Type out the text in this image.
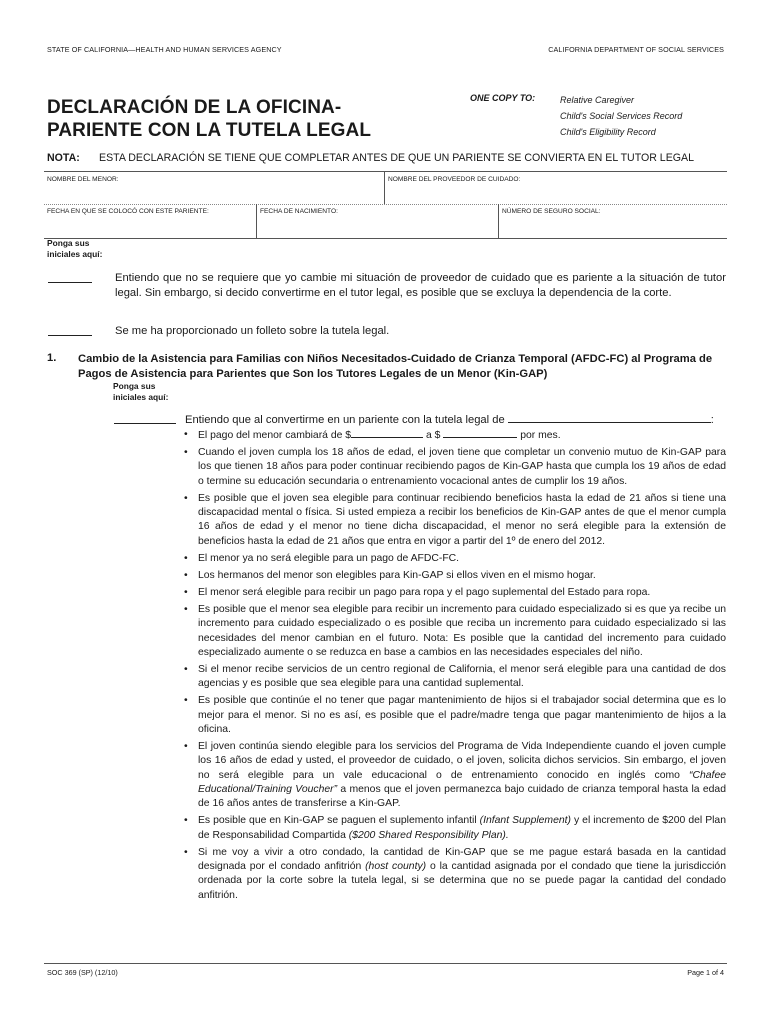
STATE OF CALIFORNIA—HEALTH AND HUMAN SERVICES AGENCY	CALIFORNIA DEPARTMENT OF SOCIAL SERVICES
DECLARACIÓN DE LA OFICINA-
PARIENTE CON LA TUTELA LEGAL
ONE COPY TO:	Relative Caregiver
Child's Social Services Record
Child's Eligibility Record
NOTA: ESTA DECLARACIÓN SE TIENE QUE COMPLETAR ANTES DE QUE UN PARIENTE SE CONVIERTA EN EL TUTOR LEGAL
NOMBRE DEL MENOR:	NOMBRE DEL PROVEEDOR DE CUIDADO:
FECHA EN QUE SE COLOCÓ CON ESTE PARIENTE:	FECHA DE NACIMIENTO:	NÚMERO DE SEGURO SOCIAL:
Ponga sus
iniciales aquí:
Entiendo que no se requiere que yo cambie mi situación de proveedor de cuidado que es pariente a la situación de tutor legal. Sin embargo, si decido convertirme en el tutor legal, es posible que se excluya la dependencia de la corte.
Se me ha proporcionado un folleto sobre la tutela legal.
1. Cambio de la Asistencia para Familias con Niños Necesitados-Cuidado de Crianza Temporal (AFDC-FC) al Programa de Pagos de Asistencia para Parientes que Son los Tutores Legales de un Menor (Kin-GAP)
Ponga sus
iniciales aquí:
Entiendo que al convertirme en un pariente con la tutela legal de	:
• El pago del menor cambiará de $	a $	por mes.
• Cuando el joven cumpla los 18 años de edad, el joven tiene que completar un convenio mutuo de Kin-GAP para los que tienen 18 años para poder continuar recibiendo pagos de Kin-GAP hasta que cumpla los 19 años de edad o termine su educación secundaria o entrenamiento vocacional antes de cumplir los 19 años.
• Es posible que el joven sea elegible para continuar recibiendo beneficios hasta la edad de 21 años si tiene una discapacidad mental o física. Si usted empieza a recibir los beneficios de Kin-GAP antes de que el menor cumpla 16 años de edad y el menor no tiene dicha discapacidad, el menor no será elegible para la extensión de beneficios hasta la edad de 21 años que entra en vigor a partir del 1º de enero del 2012.
• El menor ya no será elegible para un pago de AFDC-FC.
• Los hermanos del menor son elegibles para Kin-GAP si ellos viven en el mismo hogar.
• El menor será elegible para recibir un pago para ropa y el pago suplemental del Estado para ropa.
• Es posible que el menor sea elegible para recibir un incremento para cuidado especializado si es que ya recibe un incremento para cuidado especializado o es posible que reciba un incremento para cuidado especializado si las necesidades del menor cambian en el futuro. Nota: Es posible que la cantidad del incremento para cuidado especializado aumente o se reduzca en base a cambios en las necesidades especiales del niño.
• Si el menor recibe servicios de un centro regional de California, el menor será elegible para una cantidad de dos agencias y es posible que sea elegible para una cantidad suplemental.
• Es posible que continúe el no tener que pagar mantenimiento de hijos si el trabajador social determina que es lo mejor para el menor. Si no es así, es posible que el padre/madre tenga que pagar mantenimiento de hijos a la oficina.
• El joven continúa siendo elegible para los servicios del Programa de Vida Independiente cuando el joven cumple los 16 años de edad y usted, el proveedor de cuidado, o el joven, solicita dichos servicios. Sin embargo, el joven no será elegible para un vale educacional o de entrenamiento conocido en inglés como “Chafee Educational/Training Voucher” a menos que el joven permanezca bajo cuidado de crianza temporal hasta la edad de 16 años antes de transferirse a Kin-GAP.
• Es posible que en Kin-GAP se paguen el suplemento infantil (Infant Supplement) y el incremento de $200 del Plan de Responsabilidad Compartida ($200 Shared Responsibility Plan).
• Si me voy a vivir a otro condado, la cantidad de Kin-GAP que se me pague estará basada en la cantidad designada por el condado anfitrión (host county) o la cantidad asignada por el condado que tiene la jurisdicción ordenada por la corte sobre la tutela legal, si se determina que no se puede pagar la cantidad del condado anfitrión.
SOC 369 (SP) (12/10)	Page 1 of 4
